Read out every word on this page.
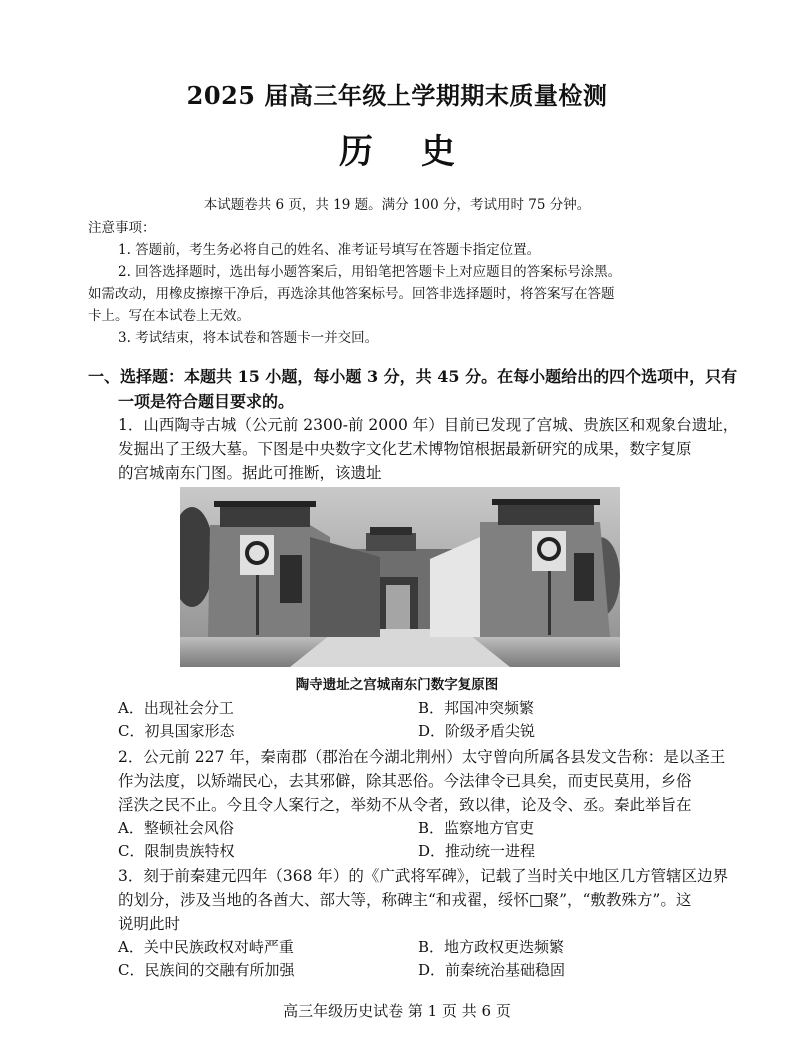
2025 届高三年级上学期期末质量检测
历史
本试题卷共 6 页，共 19 题。满分 100 分，考试用时 75 分钟。
注意事项：
1. 答题前，考生务必将自己的姓名、准考证号填写在答题卡指定位置。
2. 回答选择题时，选出每小题答案后，用铅笔把答题卡上对应题目的答案标号涂黑。
如需改动，用橡皮擦擦干净后，再选涂其他答案标号。回答非选择题时，将答案写在答题
卡上。写在本试卷上无效。
3. 考试结束，将本试卷和答题卡一并交回。
一、选择题：本题共 15 小题，每小题 3 分，共 45 分。在每小题给出的四个选项中，只有
一项是符合题目要求的。
1．山西陶寺古城（公元前 2300-前 2000 年）目前已发现了宫城、贵族区和观象台遗址，
发掘出了王级大墓。下图是中央数字文化艺术博物馆根据最新研究的成果，数字复原
的宫城南东门图。据此可推断，该遗址
陶寺遗址之宫城南东门数字复原图
A．出现社会分工	B．邦国冲突频繁
C．初具国家形态	D．阶级矛盾尖锐
2．公元前 227 年，秦南郡（郡治在今湖北荆州）太守曾向所属各县发文告称：是以圣王
作为法度，以矫端民心，去其邪僻，除其恶俗。今法律令已具矣，而吏民莫用，乡俗
淫泆之民不止。今且令人案行之，举劾不从令者，致以律，论及令、丞。秦此举旨在
A．整顿社会风俗	B．监察地方官吏
C．限制贵族特权	D．推动统一进程
3．刻于前秦建元四年（368 年）的《广武将军碑》，记载了当时关中地区几方管辖区边界
的划分，涉及当地的各酋大、部大等，称碑主“和戎翟，绥怀□聚”，“敷教殊方”。这
说明此时
A．关中民族政权对峙严重	B．地方政权更迭频繁
C．民族间的交融有所加强	D．前秦统治基础稳固
高三年级历史试卷 第 1 页 共 6 页
